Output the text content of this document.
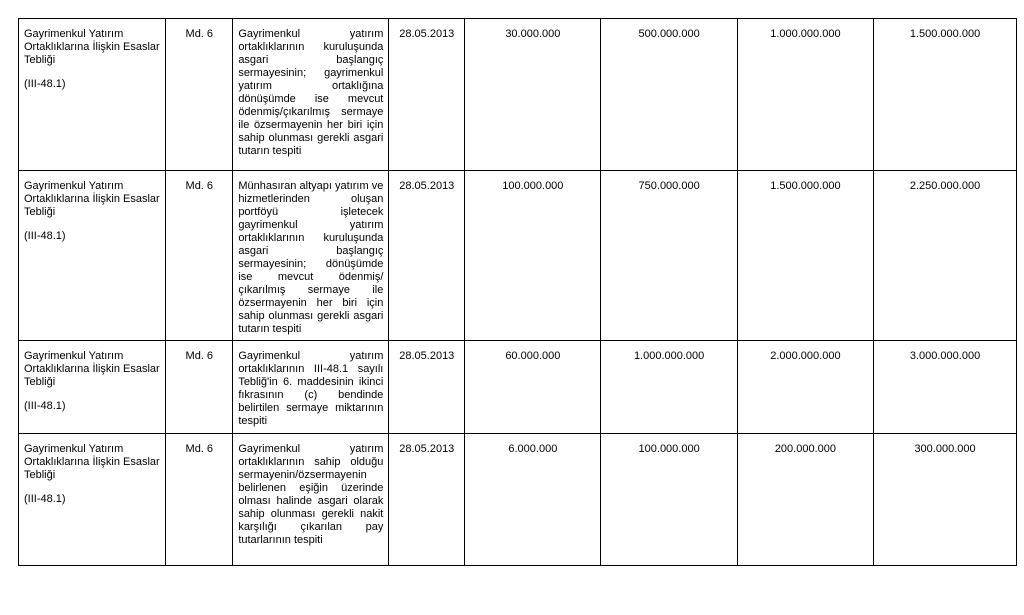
Gayrimenkul Yatırım Ortaklıklarına İlişkin Esaslar Tebliği
(III-48.1)	Md. 6	Gayrimenkul yatırım ortaklıklarının kuruluşunda asgari başlangıç sermayesinin; gayrimenkul yatırım ortaklığına dönüşümde ise mevcut ödenmiş/çıkarılmış sermaye ile özsermayenin her biri için sahip olunması gerekli asgari tutarın tespiti	28.05.2013	30.000.000	500.000.000	1.000.000.000	1.500.000.000

Gayrimenkul Yatırım Ortaklıklarına İlişkin Esaslar Tebliği
(III-48.1)	Md. 6	Münhasıran altyapı yatırım ve hizmetlerinden oluşan portföyü işletecek gayrimenkul yatırım ortaklıklarının kuruluşunda asgari başlangıç sermayesinin; dönüşümde ise mevcut ödenmiş/çıkarılmış sermaye ile özsermayenin her biri için sahip olunması gerekli asgari tutarın tespiti	28.05.2013	100.000.000	750.000.000	1.500.000.000	2.250.000.000

Gayrimenkul Yatırım Ortaklıklarına İlişkin Esaslar Tebliği
(III-48.1)	Md. 6	Gayrimenkul yatırım ortaklıklarının III-48.1 sayılı Tebliğ'in 6. maddesinin ikinci fıkrasının (c) bendinde belirtilen sermaye miktarının tespiti	28.05.2013	60.000.000	1.000.000.000	2.000.000.000	3.000.000.000

Gayrimenkul Yatırım Ortaklıklarına İlişkin Esaslar Tebliği
(III-48.1)	Md. 6	Gayrimenkul yatırım ortaklıklarının sahip olduğu sermayenin/özsermayenin belirlenen eşiğin üzerinde olması halinde asgari olarak sahip olunması gerekli nakit karşılığı çıkarılan pay tutarlarının tespiti	28.05.2013	6.000.000	100.000.000	200.000.000	300.000.000
